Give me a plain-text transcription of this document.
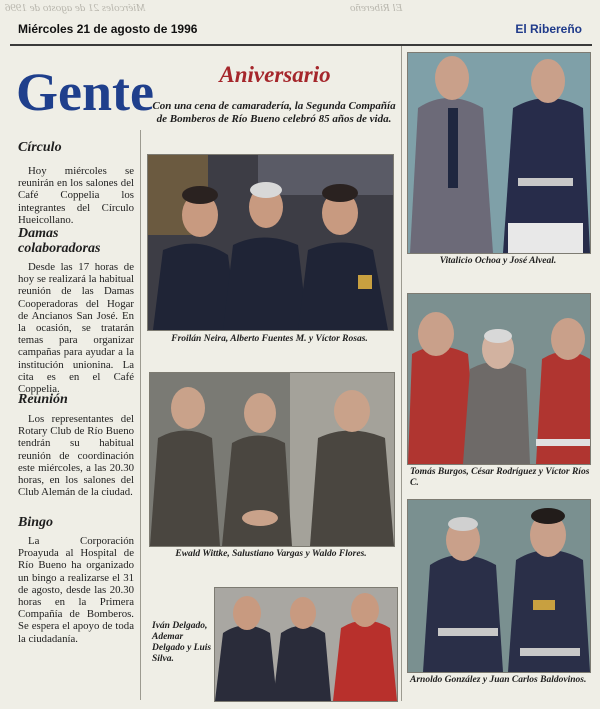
Miércoles 21 de agosto de 1996	El Ribereño
Miércoles 21 de agosto de 1996	El Ribereño
Gente	Aniversario
Con una cena de camaradería, la Segunda Compañía de Bomberos de Río Bueno celebró 85 años de vida.
Círculo

Hoy miércoles se reunirán en los salones del Café Coppelia los integrantes del Círculo Hueicollano.

Damas colaboradoras

Desde las 17 horas de hoy se realizará la habitual reunión de las Damas Cooperadoras del Hogar de Ancianos San José. En la ocasión, se tratarán temas para organizar campañas para ayudar a la institución unionina. La cita es en el Café Coppelia.

Reunión

Los representantes del Rotary Club de Río Bueno tendrán su habitual reunión de coordinación este miércoles, a las 20.30 horas, en los salones del Club Alemán de la ciudad.

Bingo

La Corporación Proayuda al Hospital de Río Bueno ha organizado un bingo a realizarse el 31 de agosto, desde las 20.30 horas en la Primera Compañía de Bomberos. Se espera el apoyo de toda la ciudadanía.

Froilán Neira, Alberto Fuentes M. y Víctor Rosas.
Ewald Wittke, Salustiano Vargas y Waldo Flores.
Iván Delgado, Ademar Delgado y Luis Silva.
Vitalicio Ochoa y José Alveal.
Tomás Burgos, César Rodríguez y Víctor Ríos C.
Arnoldo González y Juan Carlos Baldovinos.
